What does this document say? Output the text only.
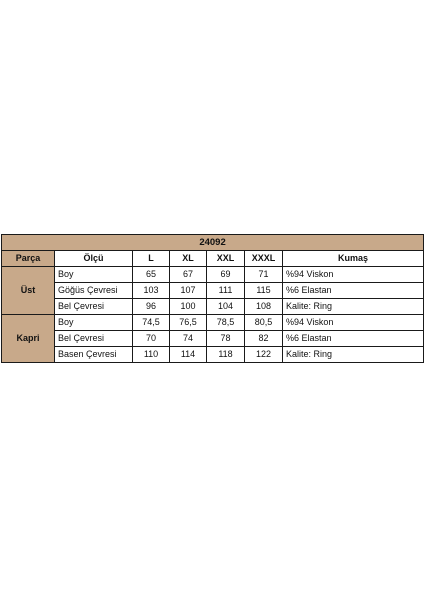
24092						
Parça	Ölçü	L	XL	XXL	XXXL	Kumaş
Üst	Boy	65	67	69	71	%94 Viskon
	Göğüs Çevresi	103	107	111	115	%6 Elastan
	Bel Çevresi	96	100	104	108	Kalite: Ring
Kapri	Boy	74,5	76,5	78,5	80,5	%94 Viskon
	Bel Çevresi	70	74	78	82	%6 Elastan
	Basen Çevresi	110	114	118	122	Kalite: Ring
